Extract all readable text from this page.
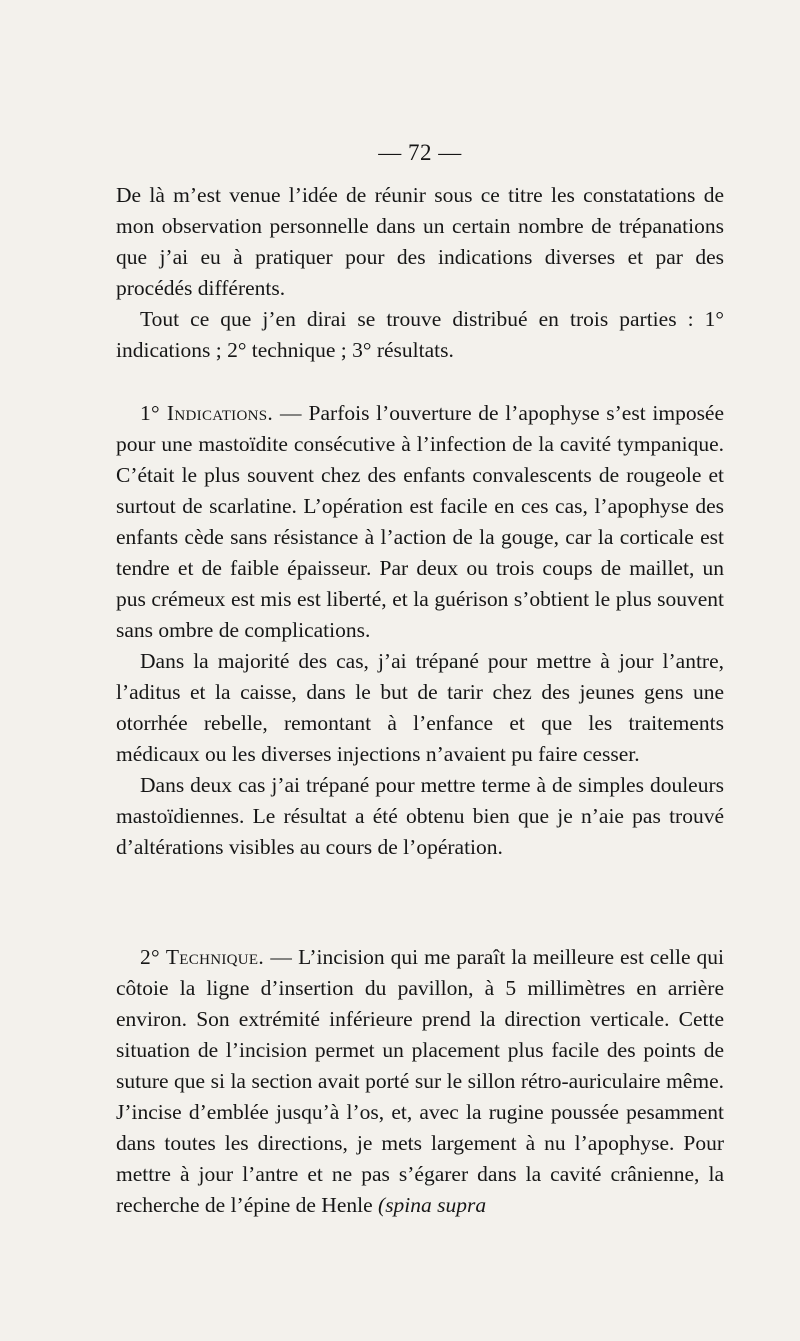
— 72 —

De là m’est venue l’idée de réunir sous ce titre les constatations de mon observation personnelle dans un certain nombre de trépanations que j’ai eu à pratiquer pour des indications diverses et par des procédés différents.

Tout ce que j’en dirai se trouve distribué en trois parties : 1° indications ; 2° technique ; 3° résultats.

1° Indications. — Parfois l’ouverture de l’apophyse s’est imposée pour une mastoïdite consécutive à l’infection de la cavité tympanique. C’était le plus souvent chez des enfants convalescents de rougeole et surtout de scarlatine. L’opération est facile en ces cas, l’apophyse des enfants cède sans résistance à l’action de la gouge, car la corticale est tendre et de faible épaisseur. Par deux ou trois coups de maillet, un pus crémeux est mis est liberté, et la guérison s’obtient le plus souvent sans ombre de complications.

Dans la majorité des cas, j’ai trépané pour mettre à jour l’antre, l’aditus et la caisse, dans le but de tarir chez des jeunes gens une otorrhée rebelle, remontant à l’enfance et que les traitements médicaux ou les diverses injections n’avaient pu faire cesser.

Dans deux cas j’ai trépané pour mettre terme à de simples douleurs mastoïdiennes. Le résultat a été obtenu bien que je n’aie pas trouvé d’altérations visibles au cours de l’opération.

2° Technique. — L’incision qui me paraît la meilleure est celle qui côtoie la ligne d’insertion du pavillon, à 5 millimètres en arrière environ. Son extrémité inférieure prend la direction verticale. Cette situation de l’incision permet un placement plus facile des points de suture que si la section avait porté sur le sillon rétro-auriculaire même. J’incise d’emblée jusqu’à l’os, et, avec la rugine poussée pesamment dans toutes les directions, je mets largement à nu l’apophyse. Pour mettre à jour l’antre et ne pas s’égarer dans la cavité crânienne, la recherche de l’épine de Henle (spina supra
